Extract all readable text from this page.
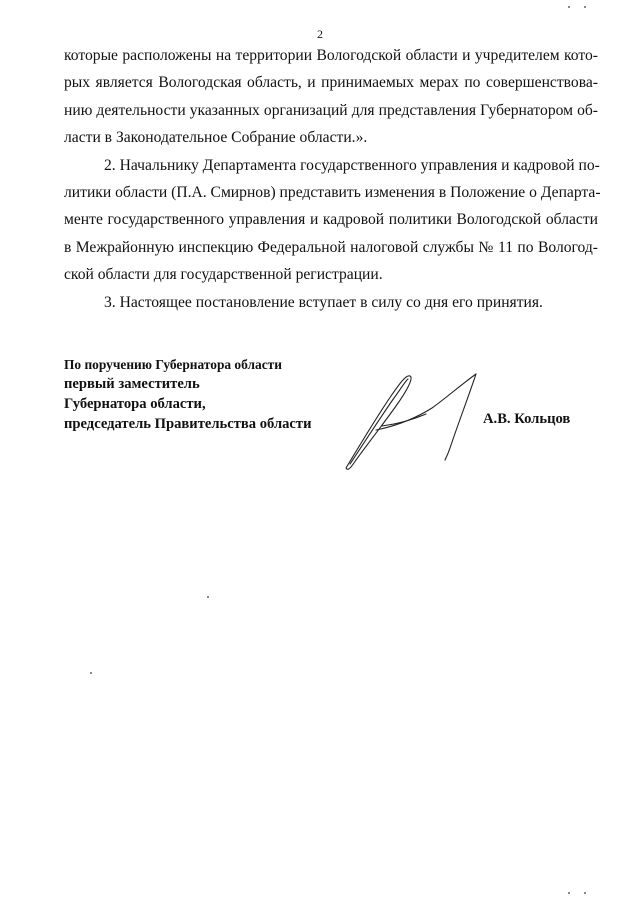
2
которые расположены на территории Вологодской области и учредителем кото-
рых является Вологодская область, и принимаемых мерах по совершенствова-
нию деятельности указанных организаций для представления Губернатором об-
ласти в Законодательное Собрание области.».
2. Начальнику Департамента государственного управления и кадровой по-
литики области (П.А. Смирнов) представить изменения в Положение о Департа-
менте государственного управления и кадровой политики Вологодской области
в Межрайонную инспекцию Федеральной налоговой службы № 11 по Вологод-
ской области для государственной регистрации.
3. Настоящее постановление вступает в силу со дня его принятия.
По поручению Губернатора области
первый заместитель
Губернатора области,
председатель Правительства области	А.В. Кольцов
